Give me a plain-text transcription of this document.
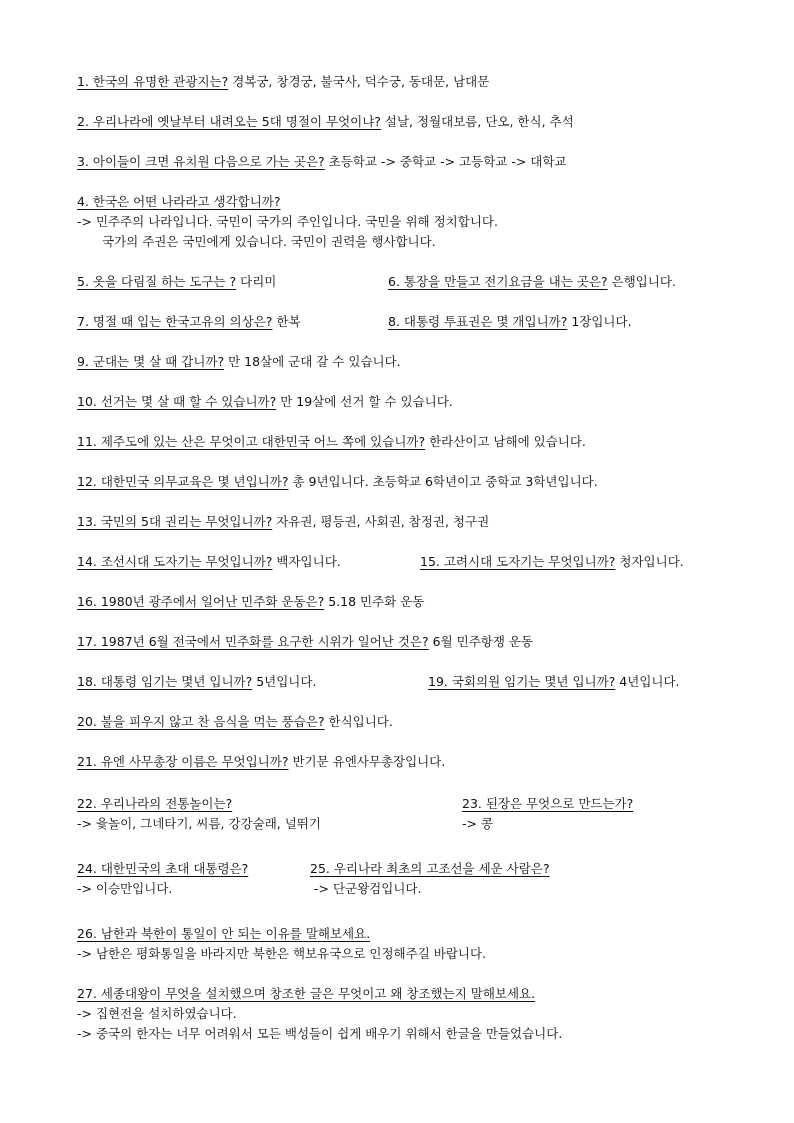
1. 한국의 유명한 관광지는? 경복궁, 창경궁, 불국사, 덕수궁, 동대문, 남대문
2. 우리나라에 옛날부터 내려오는 5대 명절이 무엇이냐? 설날, 정월대보름, 단오, 한식, 추석
3. 아이들이 크면 유치원 다음으로 가는 곳은? 초등학교 -> 중학교 -> 고등학교 -> 대학교
4. 한국은 어떤 나라라고 생각합니까?
-> 민주주의 나라입니다. 국민이 국가의 주인입니다. 국민을 위해 정치합니다.
국가의 주권은 국민에게 있습니다. 국민이 권력을 행사합니다.
5. 옷을 다림질 하는 도구는 ? 다리미	6. 통장을 만들고 전기요금을 내는 곳은? 은행입니다.
7. 명절 때 입는 한국고유의 의상은? 한복	8. 대통령 투표권은 몇 개입니까? 1장입니다.
9. 군대는 몇 살 때 갑니까? 만 18살에 군대 갈 수 있습니다.
10. 선거는 몇 살 때 할 수 있습니까? 만 19살에 선거 할 수 있습니다.
11. 제주도에 있는 산은 무엇이고 대한민국 어느 쪽에 있습니까? 한라산이고 남해에 있습니다.
12. 대한민국 의무교육은 몇 년입니까? 총 9년입니다. 초등학교 6학년이고 중학교 3학년입니다.
13. 국민의 5대 권리는 무엇입니까? 자유권, 평등권, 사회권, 참정권, 청구권
14. 조선시대 도자기는 무엇입니까? 백자입니다.	15. 고려시대 도자기는 무엇입니까? 청자입니다.
16. 1980년 광주에서 일어난 민주화 운동은? 5.18 민주화 운동
17. 1987년 6월 전국에서 민주화를 요구한 시위가 일어난 것은? 6월 민주항쟁 운동
18. 대통령 임기는 몇년 입니까? 5년입니다.	19. 국회의원 임기는 몇년 입니까? 4년입니다.
20. 불을 피우지 않고 찬 음식을 먹는 풍습은? 한식입니다.
21. 유엔 사무총장 이름은 무엇입니까? 반기문 유엔사무총장입니다.
22. 우리나라의 전통놀이는?
-> 윷놀이, 그네타기, 씨름, 강강술래, 널뛰기
23. 된장은 무엇으로 만드는가?
-> 콩
24. 대한민국의 초대 대통령은?
-> 이승만입니다.
25. 우리나라 최초의 고조선을 세운 사람은?
-> 단군왕검입니다.
26. 남한과 북한이 통일이 안 되는 이유를 말해보세요.
-> 남한은 평화통일을 바라지만 북한은 핵보유국으로 인정해주길 바랍니다.
27. 세종대왕이 무엇을 설치했으며 창조한 글은 무엇이고 왜 창조했는지 말해보세요.
-> 집현전을 설치하였습니다.
-> 중국의 한자는 너무 어려워서 모든 백성들이 쉽게 배우기 위해서 한글을 만들었습니다.
